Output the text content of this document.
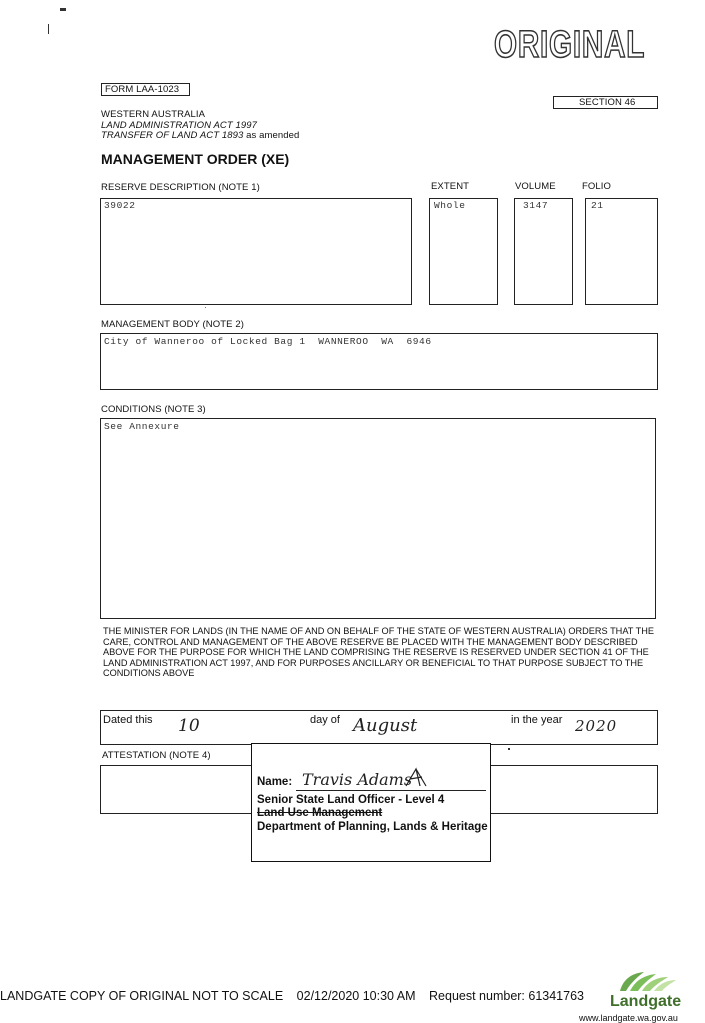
ORIGINAL
FORM LAA-1023
SECTION 46
WESTERN AUSTRALIA
LAND ADMINISTRATION ACT 1997
TRANSFER OF LAND ACT 1893 as amended
MANAGEMENT ORDER (XE)
RESERVE DESCRIPTION (NOTE 1)	EXTENT	VOLUME	FOLIO
39022	Whole	3147	21
MANAGEMENT BODY (NOTE 2)
City of Wanneroo of Locked Bag 1  WANNEROO  WA  6946
CONDITIONS (NOTE 3)
See Annexure
THE MINISTER FOR LANDS (IN THE NAME OF AND ON BEHALF OF THE STATE OF WESTERN AUSTRALIA) ORDERS THAT THE CARE, CONTROL AND MANAGEMENT OF THE ABOVE RESERVE BE PLACED WITH THE MANAGEMENT BODY DESCRIBED ABOVE FOR THE PURPOSE FOR WHICH THE LAND COMPRISING THE RESERVE IS RESERVED UNDER SECTION 41 OF THE LAND ADMINISTRATION ACT 1997, AND FOR PURPOSES ANCILLARY OR BENEFICIAL TO THAT PURPOSE SUBJECT TO THE CONDITIONS ABOVE
Dated this 10	day of August	in the year 2020
ATTESTATION (NOTE 4)
Name: Travis Adams
Senior State Land Officer - Level 4
Land Use Management
Department of Planning, Lands & Heritage
LANDGATE COPY OF ORIGINAL NOT TO SCALE 02/12/2020 10:30 AM Request number: 61341763 Landgate
www.landgate.wa.gov.au
